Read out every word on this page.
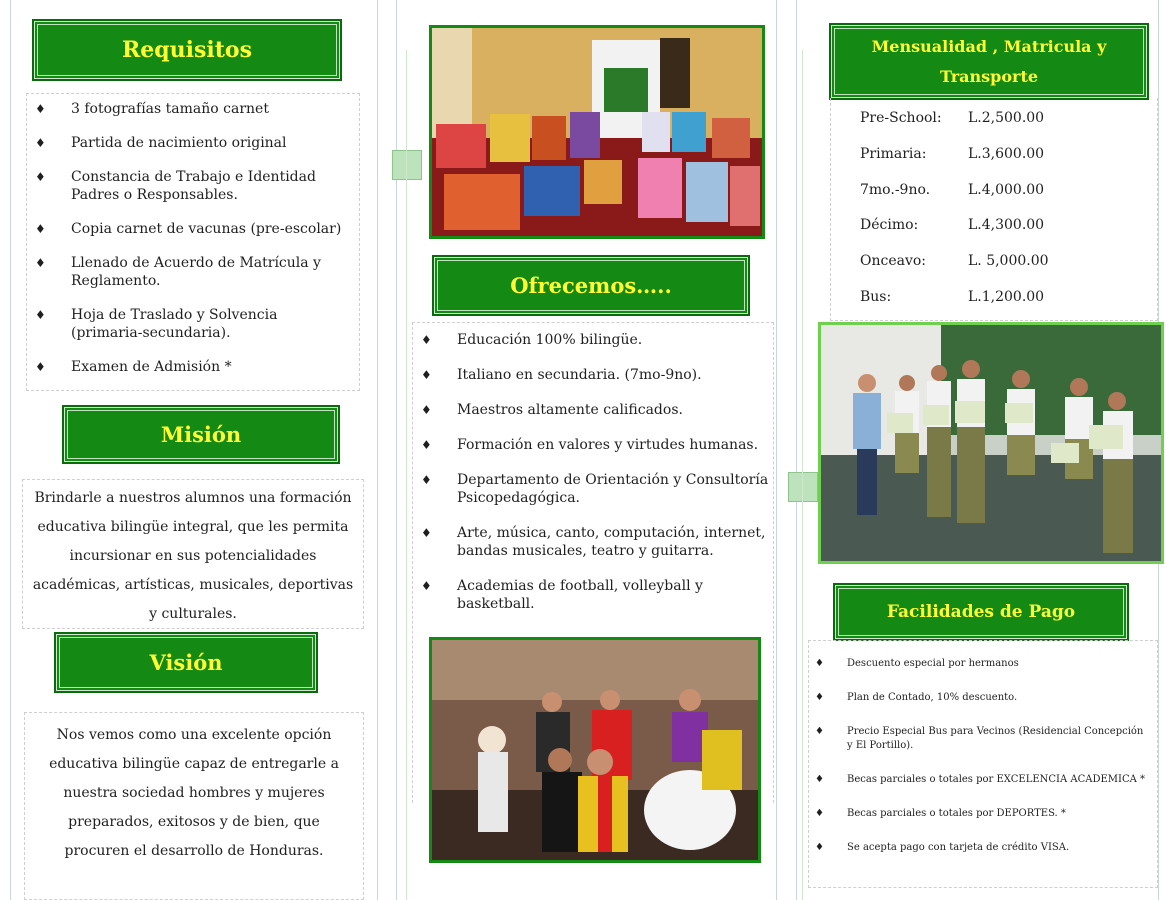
Requisitos
♦ 3 fotografías tamaño carnet
♦ Partida de nacimiento original
♦ Constancia de Trabajo e Identidad Padres o Responsables.
♦ Copia carnet de vacunas (pre-escolar)
♦ Llenado de Acuerdo de Matrícula y Reglamento.
♦ Hoja de Traslado y Solvencia (primaria-secundaria).
♦ Examen de Admisión *
Misión
Brindarle a nuestros alumnos una formación educativa bilingüe integral, que les permita incursionar en sus potencialidades académicas, artísticas, musicales, deportivas y culturales.
Visión
Nos vemos como una excelente opción educativa bilingüe capaz de entregarle a nuestra sociedad hombres y mujeres preparados, exitosos y de bien, que procuren el desarrollo de Honduras.
Ofrecemos…..
♦ Educación 100% bilingüe.
♦ Italiano en secundaria. (7mo-9no).
♦ Maestros altamente calificados.
♦ Formación en valores y virtudes humanas.
♦ Departamento de Orientación y Consultoría Psicopedagógica.
♦ Arte, música, canto, computación, internet, bandas musicales, teatro y guitarra.
♦ Academias de football, volleyball y basketball.
Mensualidad , Matricula y Transporte
Pre-School: L.2,500.00
Primaria:	L.3,600.00
7mo.-9no.	L.4,000.00
Décimo:	L.4,300.00
Onceavo:	L. 5,000.00
Bus:	L.1,200.00
Facilidades de Pago
♦ Descuento especial por hermanos
♦ Plan de Contado, 10% descuento.
♦ Precio Especial Bus para Vecinos (Residencial Concepción y El Portillo).
♦ Becas parciales o totales por EXCELENCIA ACADEMICA *
♦ Becas parciales o totales por DEPORTES. *
♦ Se acepta pago con tarjeta de crédito VISA.
